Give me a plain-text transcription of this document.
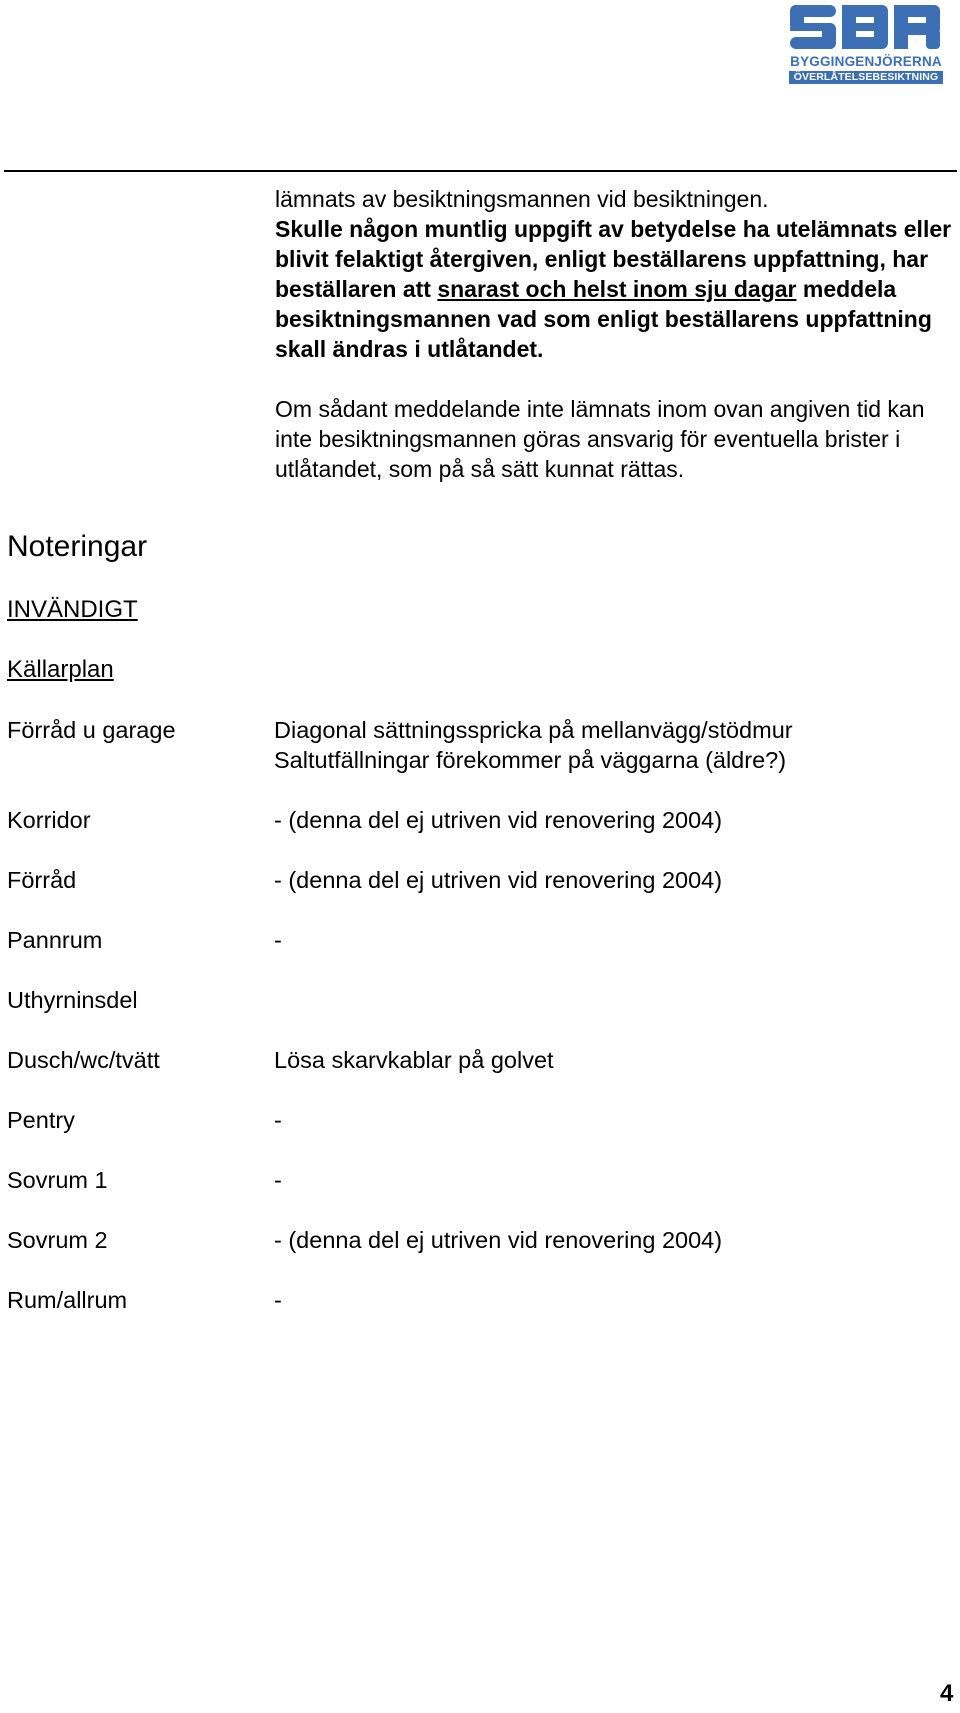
BYGGINGENJÖRERNA
ÖVERLÅTELSEBESIKTNING
lämnats av besiktningsmannen vid besiktningen.
Skulle någon muntlig uppgift av betydelse ha utelämnats eller blivit felaktigt återgiven, enligt beställarens uppfattning, har beställaren att snarast och helst inom sju dagar meddela besiktningsmannen vad som enligt beställarens uppfattning skall ändras i utlåtandet.
Om sådant meddelande inte lämnats inom ovan angiven tid kan inte besiktningsmannen göras ansvarig för eventuella brister i utlåtandet, som på så sätt kunnat rättas.
Noteringar
INVÄNDIGT
Källarplan
Förråd u garage	Diagonal sättningsspricka på mellanvägg/stödmur
Saltutfällningar förekommer på väggarna (äldre?)
Korridor	- (denna del ej utriven vid renovering 2004)
Förråd	- (denna del ej utriven vid renovering 2004)
Pannrum	-
Uthyrninsdel
Dusch/wc/tvätt	Lösa skarvkablar på golvet
Pentry	-
Sovrum 1	-
Sovrum 2	- (denna del ej utriven vid renovering 2004)
Rum/allrum	-
4
